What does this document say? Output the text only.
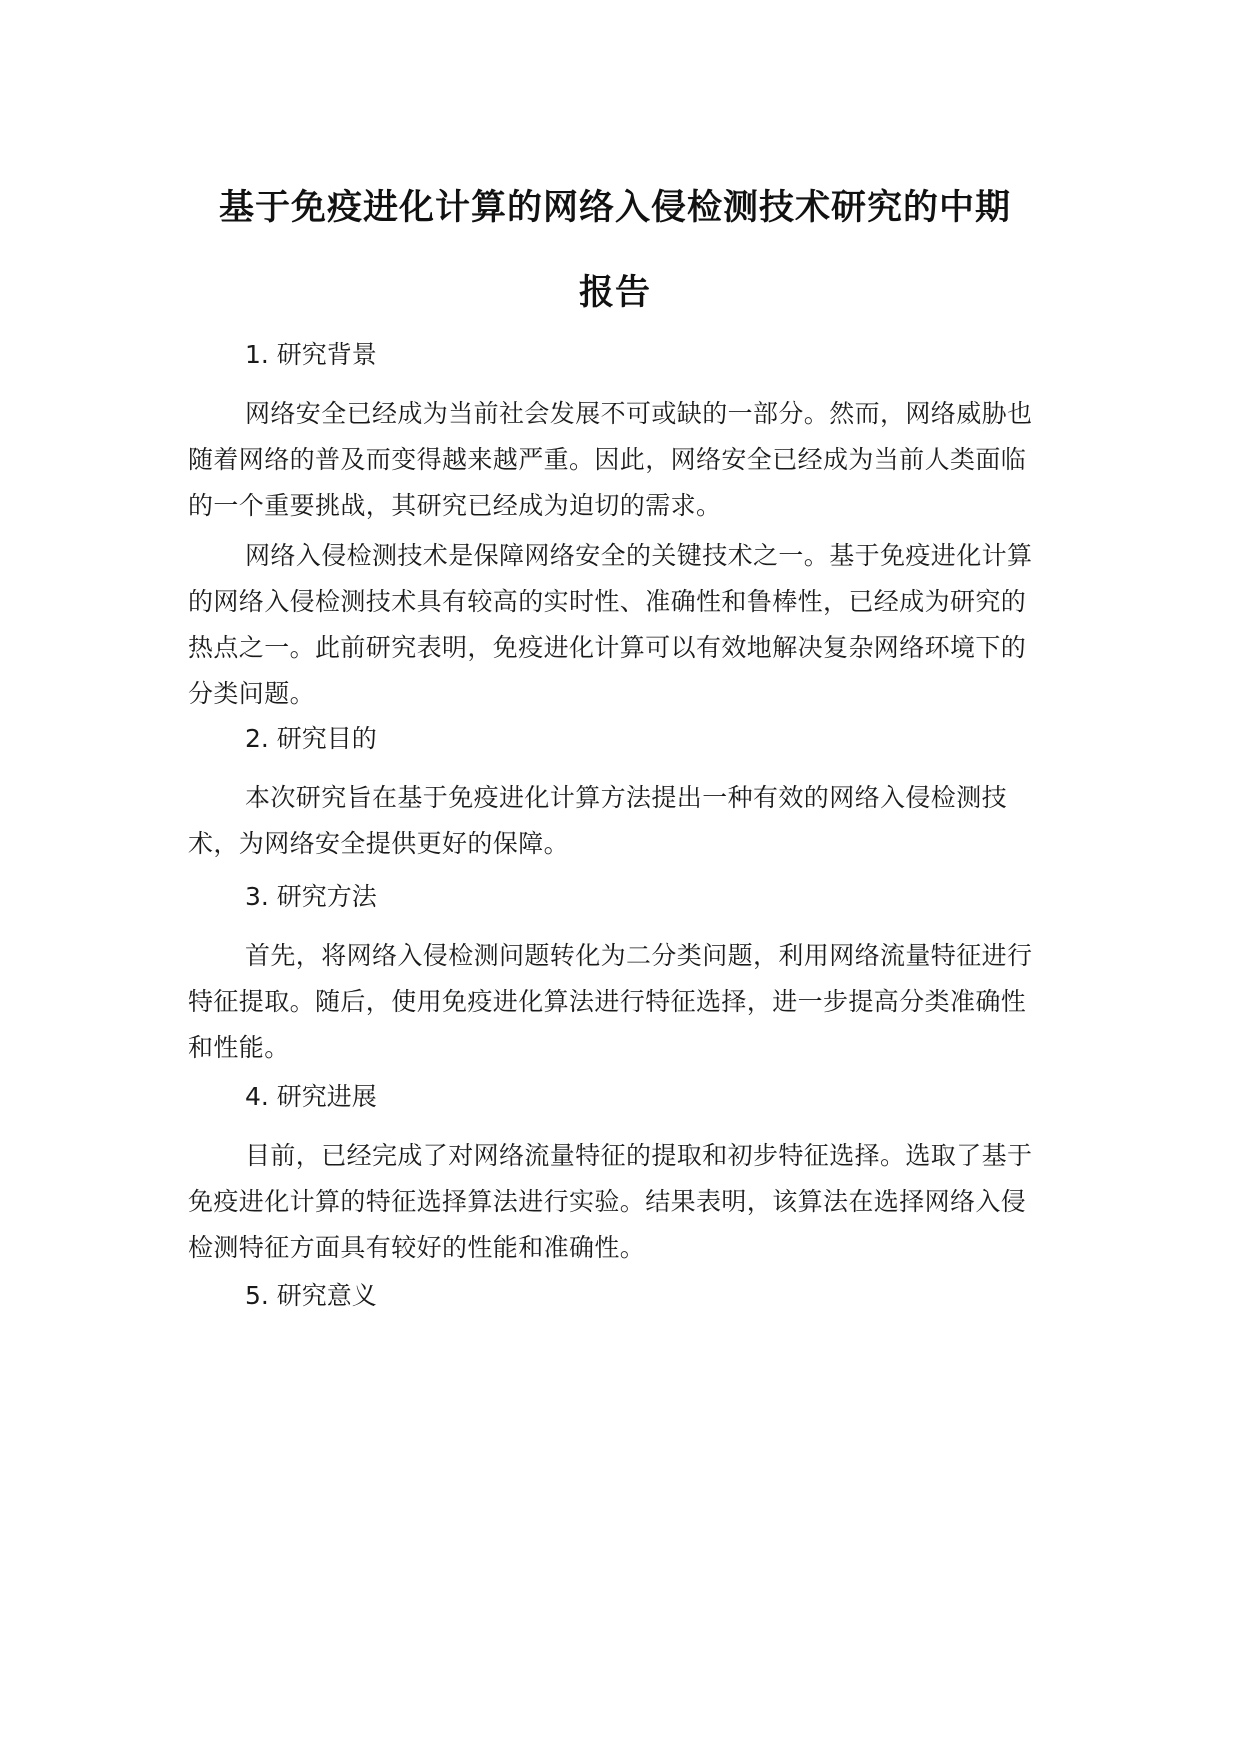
基于免疫进化计算的网络入侵检测技术研究的中期
报告
1. 研究背景
网络安全已经成为当前社会发展不可或缺的一部分。然而，网络威胁也随着网络的普及而变得越来越严重。因此，网络安全已经成为当前人类面临的一个重要挑战，其研究已经成为迫切的需求。
网络入侵检测技术是保障网络安全的关键技术之一。基于免疫进化计算的网络入侵检测技术具有较高的实时性、准确性和鲁棒性，已经成为研究的热点之一。此前研究表明，免疫进化计算可以有效地解决复杂网络环境下的分类问题。
2. 研究目的
本次研究旨在基于免疫进化计算方法提出一种有效的网络入侵检测技术，为网络安全提供更好的保障。
3. 研究方法
首先，将网络入侵检测问题转化为二分类问题，利用网络流量特征进行特征提取。随后，使用免疫进化算法进行特征选择，进一步提高分类准确性和性能。
4. 研究进展
目前，已经完成了对网络流量特征的提取和初步特征选择。选取了基于免疫进化计算的特征选择算法进行实验。结果表明，该算法在选择网络入侵检测特征方面具有较好的性能和准确性。
5. 研究意义
